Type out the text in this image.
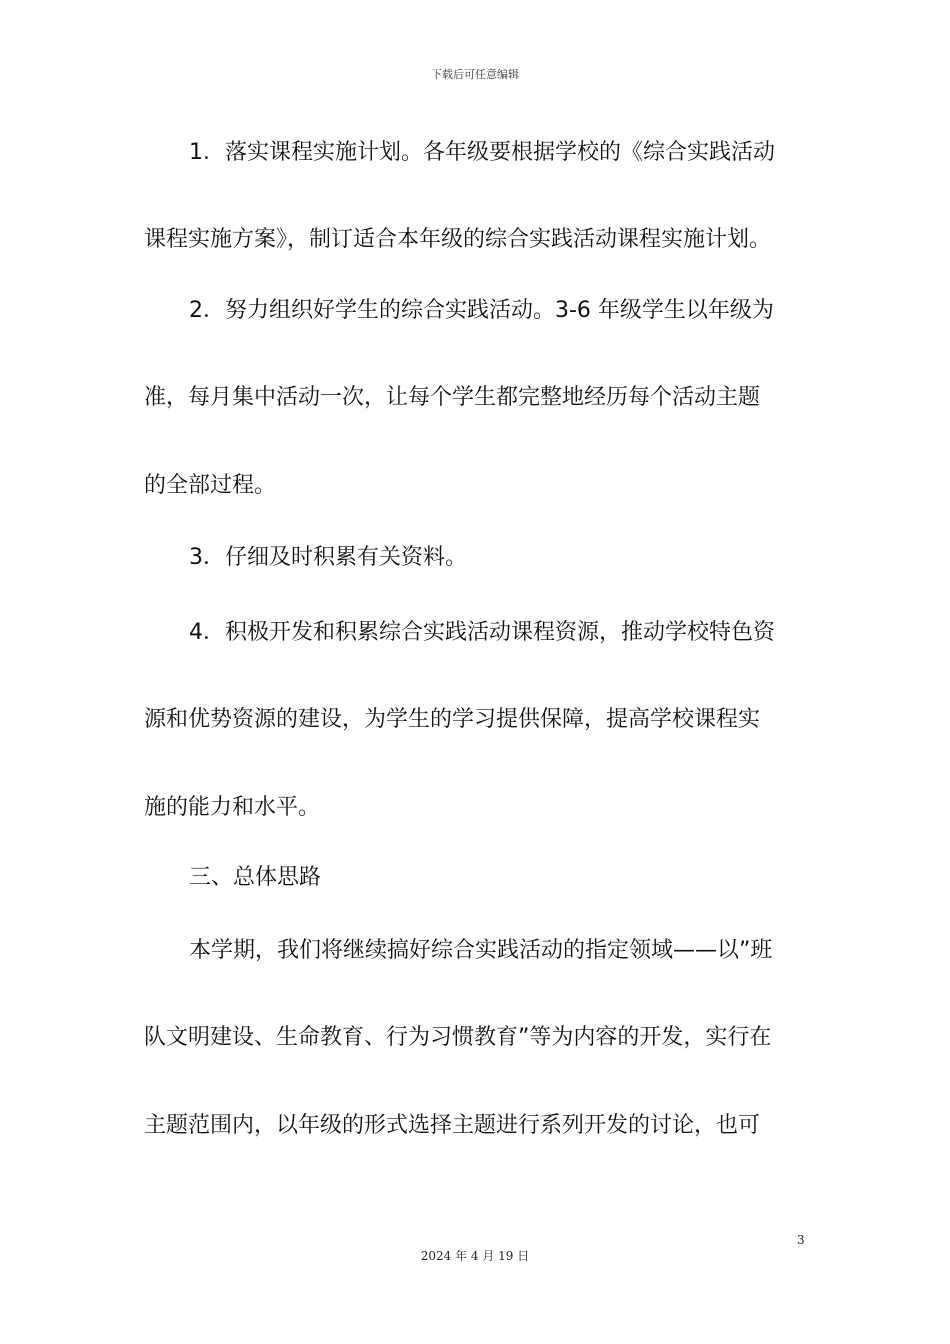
下载后可任意编辑
1．落实课程实施计划。各年级要根据学校的《综合实践活动
课程实施方案》，制订适合本年级的综合实践活动课程实施计划。
2．努力组织好学生的综合实践活动。3-6 年级学生以年级为
准，每月集中活动一次，让每个学生都完整地经历每个活动主题
的全部过程。
3．仔细及时积累有关资料。
4．积极开发和积累综合实践活动课程资源，推动学校特色资
源和优势资源的建设，为学生的学习提供保障，提高学校课程实
施的能力和水平。
三、总体思路
本学期，我们将继续搞好综合实践活动的指定领域——以”班
队文明建设、生命教育、行为习惯教育”等为内容的开发，实行在
主题范围内，以年级的形式选择主题进行系列开发的讨论，也可
3
2024 年 4 月 19 日
